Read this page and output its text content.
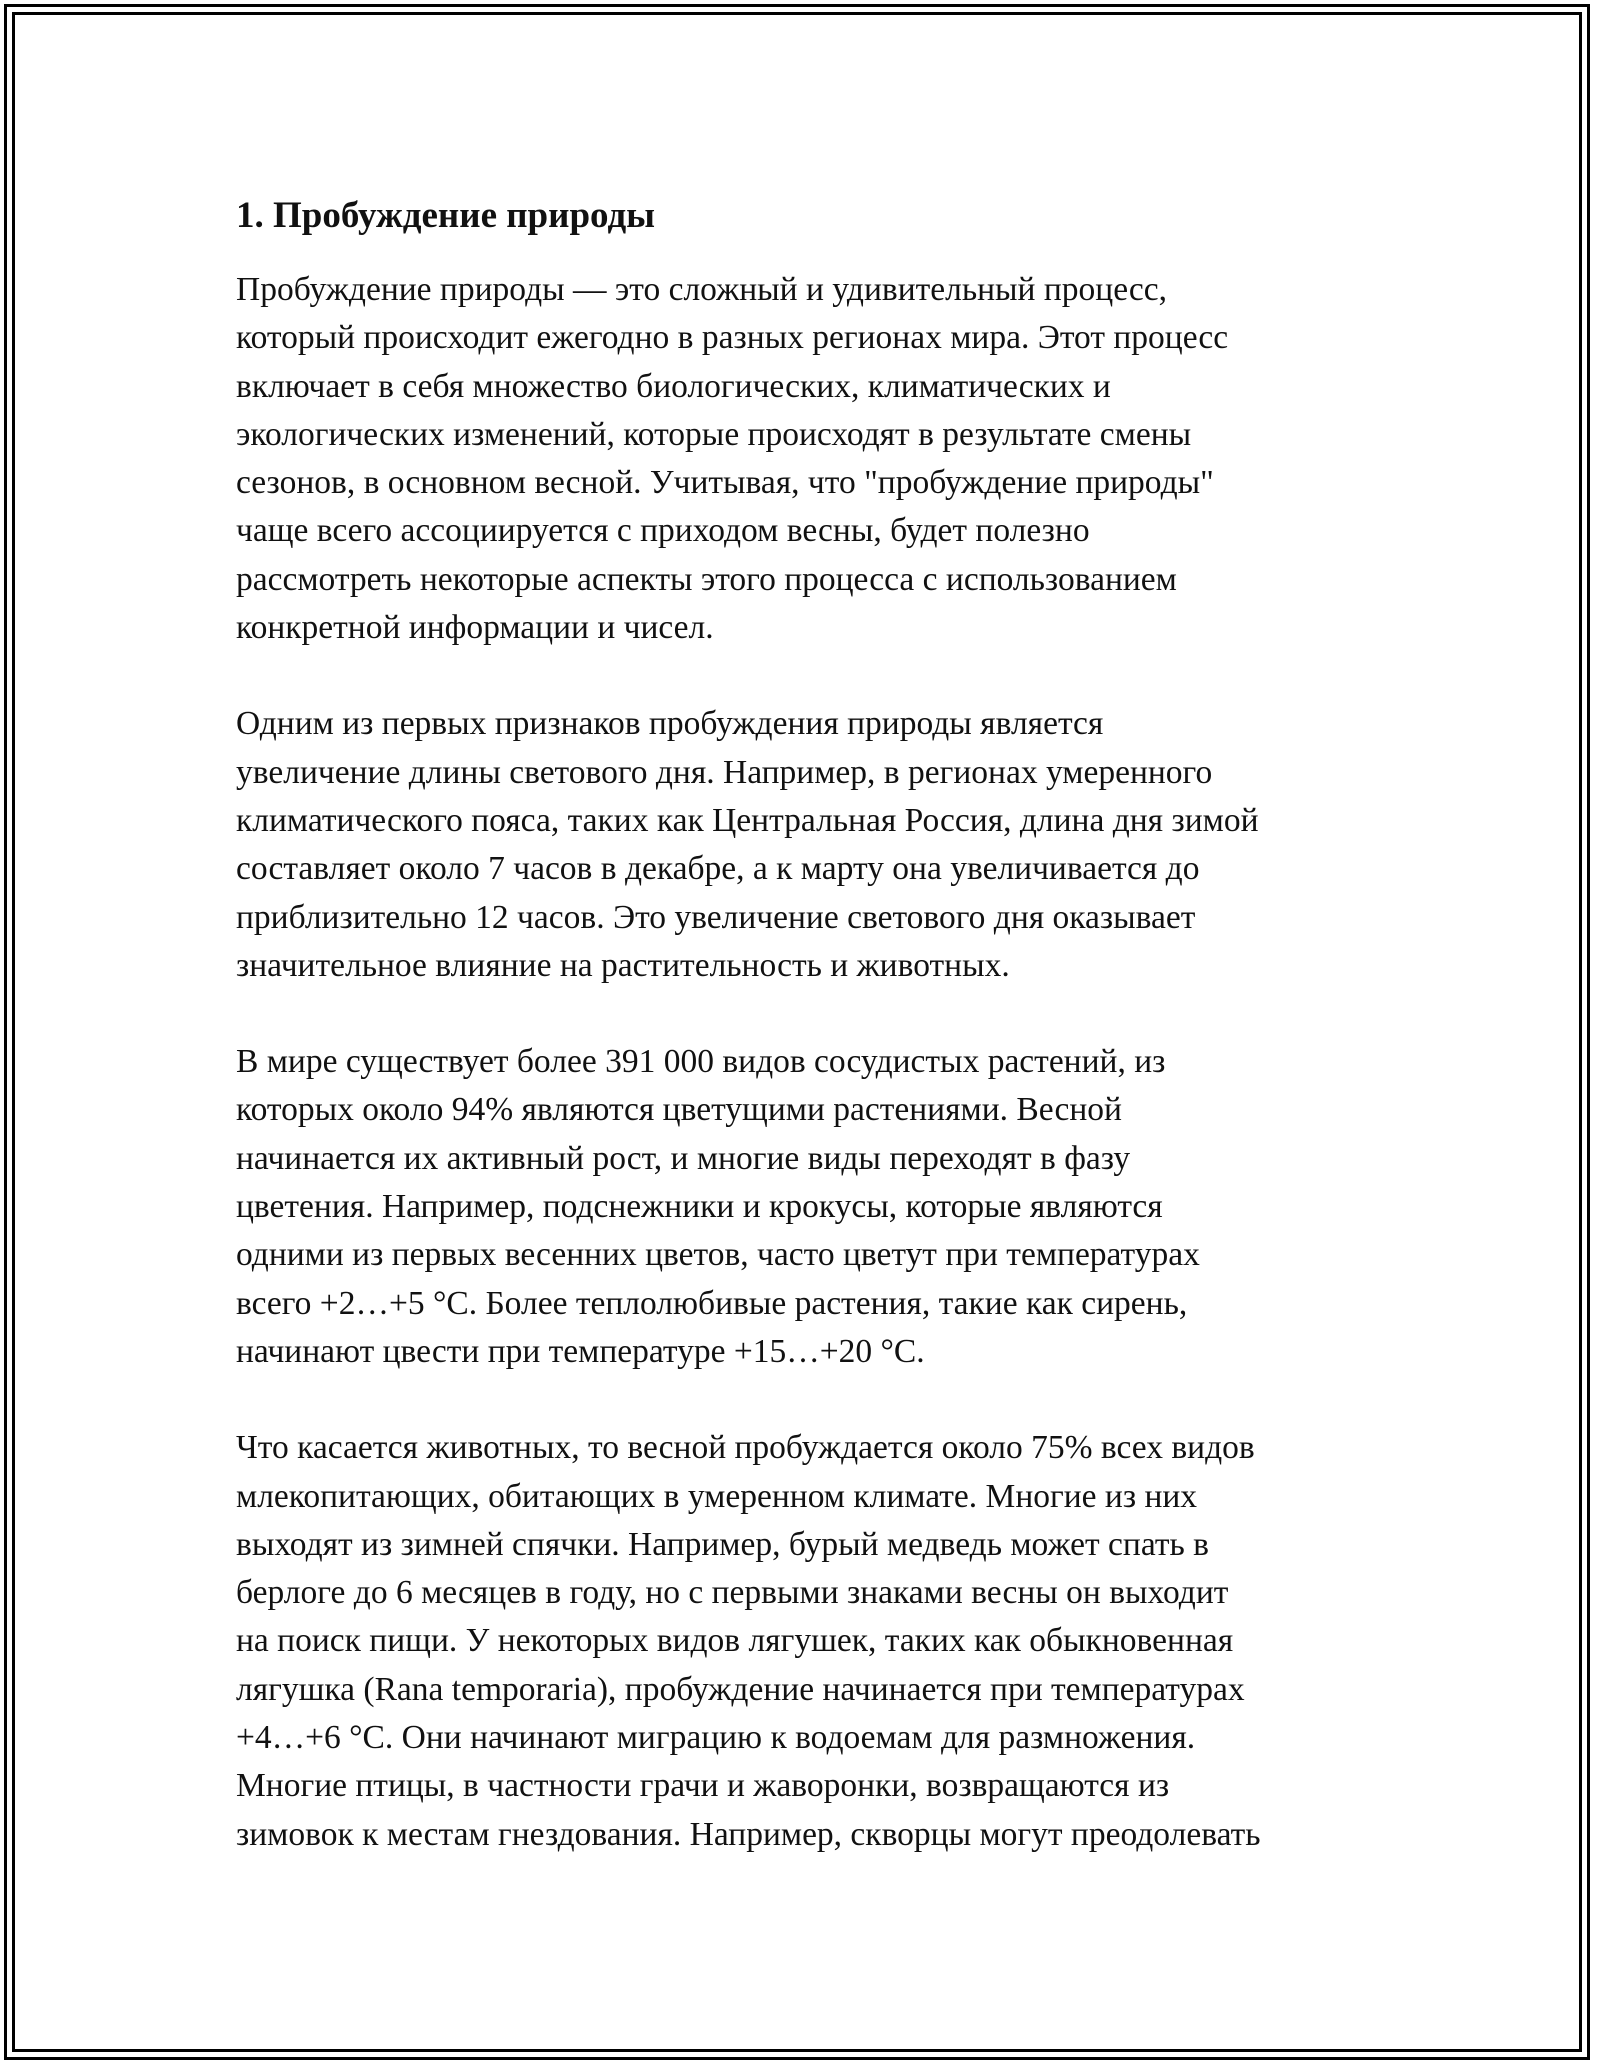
1. Пробуждение природы

Пробуждение природы — это сложный и удивительный процесс,
который происходит ежегодно в разных регионах мира. Этот процесс
включает в себя множество биологических, климатических и
экологических изменений, которые происходят в результате смены
сезонов, в основном весной. Учитывая, что "пробуждение природы"
чаще всего ассоциируется с приходом весны, будет полезно
рассмотреть некоторые аспекты этого процесса с использованием
конкретной информации и чисел.

Одним из первых признаков пробуждения природы является
увеличение длины светового дня. Например, в регионах умеренного
климатического пояса, таких как Центральная Россия, длина дня зимой
составляет около 7 часов в декабре, а к марту она увеличивается до
приблизительно 12 часов. Это увеличение светового дня оказывает
значительное влияние на растительность и животных.

В мире существует более 391 000 видов сосудистых растений, из
которых около 94% являются цветущими растениями. Весной
начинается их активный рост, и многие виды переходят в фазу
цветения. Например, подснежники и крокусы, которые являются
одними из первых весенних цветов, часто цветут при температурах
всего +2…+5 °C. Более теплолюбивые растения, такие как сирень,
начинают цвести при температуре +15…+20 °C.

Что касается животных, то весной пробуждается около 75% всех видов
млекопитающих, обитающих в умеренном климате. Многие из них
выходят из зимней спячки. Например, бурый медведь может спать в
берлоге до 6 месяцев в году, но с первыми знаками весны он выходит
на поиск пищи. У некоторых видов лягушек, таких как обыкновенная
лягушка (Rana temporaria), пробуждение начинается при температурах
+4…+6 °C. Они начинают миграцию к водоемам для размножения.
Многие птицы, в частности грачи и жаворонки, возвращаются из
зимовок к местам гнездования. Например, скворцы могут преодолевать
